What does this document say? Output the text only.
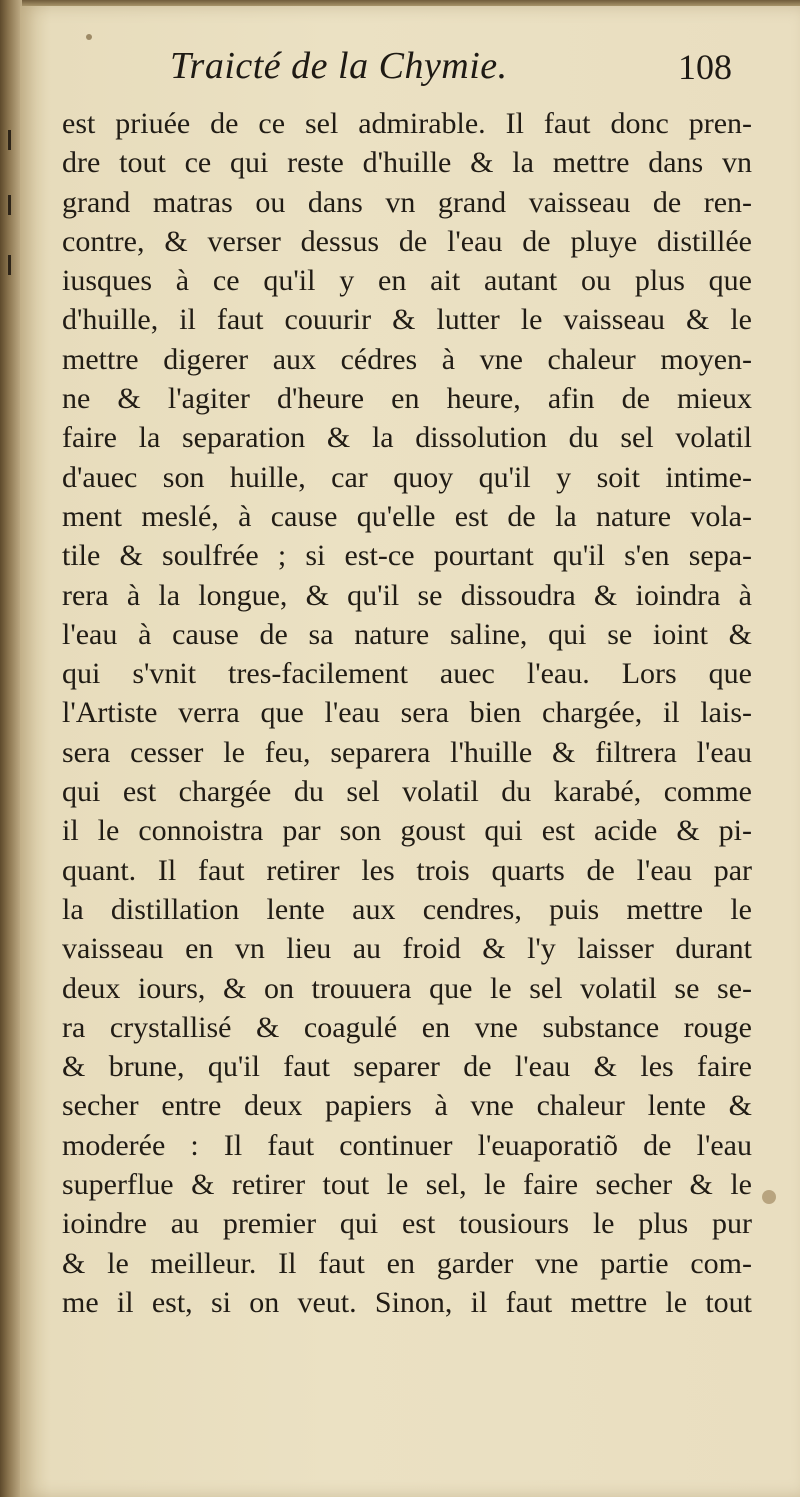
Traicté de la Chymie.	108
est priuée de ce sel admirable. Il faut donc pren-
dre tout ce qui reste d'huille & la mettre dans vn
grand matras ou dans vn grand vaisseau de ren-
contre, & verser dessus de l'eau de pluye distillée
iusques à ce qu'il y en ait autant ou plus que
d'huille, il faut couurir & lutter le vaisseau & le
mettre digerer aux cédres à vne chaleur moyen-
ne & l'agiter d'heure en heure, afin de mieux
faire la separation & la dissolution du sel volatil
d'auec son huille, car quoy qu'il y soit intime-
ment meslé, à cause qu'elle est de la nature vola-
tile & soulfrée ; si est-ce pourtant qu'il s'en sepa-
rera à la longue, & qu'il se dissoudra & ioindra à
l'eau à cause de sa nature saline, qui se ioint &
qui s'vnit tres-facilement auec l'eau. Lors que
l'Artiste verra que l'eau sera bien chargée, il lais-
sera cesser le feu, separera l'huille & filtrera l'eau
qui est chargée du sel volatil du karabé, comme
il le connoistra par son goust qui est acide & pi-
quant. Il faut retirer les trois quarts de l'eau par
la distillation lente aux cendres, puis mettre le
vaisseau en vn lieu au froid & l'y laisser durant
deux iours, & on trouuera que le sel volatil se se-
ra crystallisé & coagulé en vne substance rouge
& brune, qu'il faut separer de l'eau & les faire
secher entre deux papiers à vne chaleur lente &
moderée : Il faut continuer l'euaporatiõ de l'eau
superflue & retirer tout le sel, le faire secher & le
ioindre au premier qui est tousiours le plus pur
& le meilleur. Il faut en garder vne partie com-
me il est, si on veut. Sinon, il faut mettre le tout
